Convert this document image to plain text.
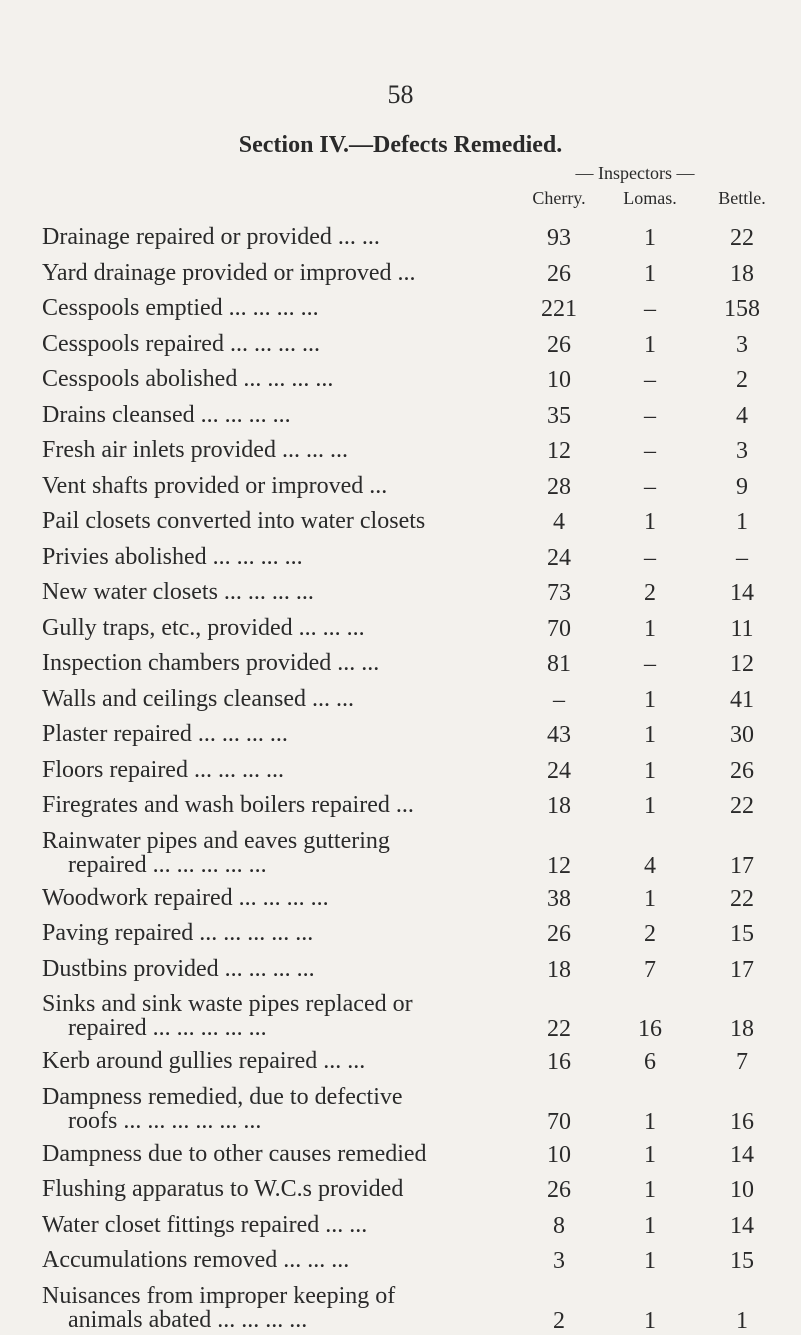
58
Section IV.—Defects Remedied.
— Inspectors —
Cherry.	Lomas.	Bettle.
Drainage repaired or provided ... ...	93	1	22
Yard drainage provided or improved ...	26	1	18
Cesspools emptied ... ... ... ...	221	–	158
Cesspools repaired ... ... ... ...	26	1	3
Cesspools abolished ... ... ... ...	10	–	2
Drains cleansed ... ... ... ...	35	–	4
Fresh air inlets provided ... ... ...	12	–	3
Vent shafts provided or improved ...	28	–	9
Pail closets converted into water closets	4	1	1
Privies abolished ... ... ... ...	24	–	–
New water closets ... ... ... ...	73	2	14
Gully traps, etc., provided ... ... ...	70	1	11
Inspection chambers provided ... ...	81	–	12
Walls and ceilings cleansed ... ...	–	1	41
Plaster repaired ... ... ... ...	43	1	30
Floors repaired ... ... ... ...	24	1	26
Firegrates and wash boilers repaired ...	18	1	22
Rainwater pipes and eaves guttering
repaired ... ... ... ... ...	12	4	17
Woodwork repaired ... ... ... ...	38	1	22
Paving repaired ... ... ... ... ...	26	2	15
Dustbins provided ... ... ... ...	18	7	17
Sinks and sink waste pipes replaced or
repaired ... ... ... ... ...	22	16	18
Kerb around gullies repaired ... ...	16	6	7
Dampness remedied, due to defective
roofs ... ... ... ... ... ...	70	1	16
Dampness due to other causes remedied	10	1	14
Flushing apparatus to W.C.s provided	26	1	10
Water closet fittings repaired ... ...	8	1	14
Accumulations removed ... ... ...	3	1	15
Nuisances from improper keeping of
animals abated ... ... ... ...	2	1	1
